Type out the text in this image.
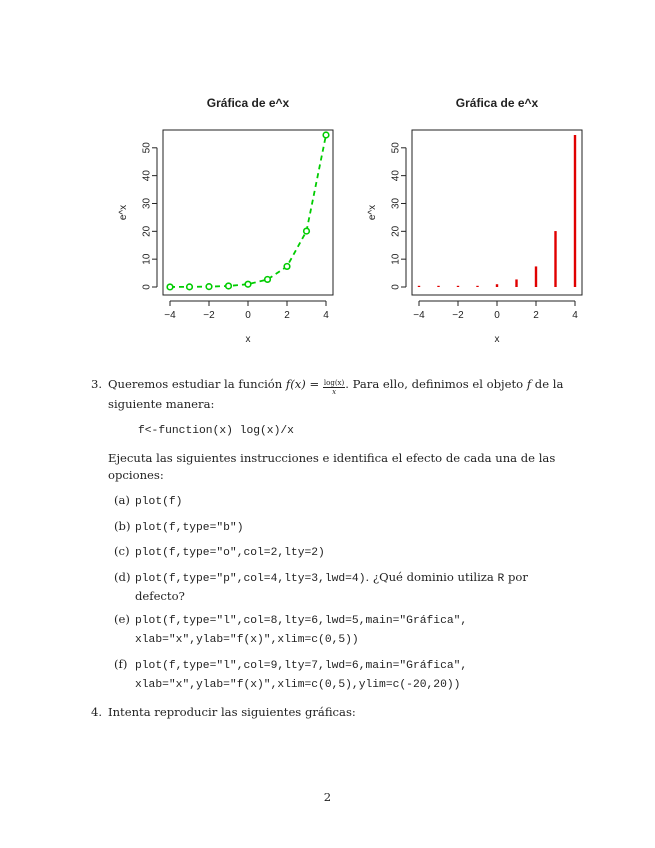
Gráfica de e^x
x
e^x
−4	−2	0	2	4
0
10
20
30
40
50
Gráfica de e^x
x
e^x
−4	−2	0	2	4
0
10
20
30
40
50
3. Queremos estudiar la función $f(x) = \frac{\log(x)}{x}$ . Para ello, definimos el objeto f de la siguiente manera:
f<-function(x) log(x)/x
Ejecuta las siguientes instrucciones e identifica el efecto de cada una de las opciones:
(a) plot(f)
(b) plot(f,type="b")
(c) plot(f,type="o",col=2,lty=2)
(d) plot(f,type="p",col=4,lty=3,lwd=4). ¿Qué dominio utiliza R por defecto?
(e) plot(f,type="l",col=8,lty=6,lwd=5,main="Gráfica",
xlab="x",ylab="f(x)",xlim=c(0,5))
(f) plot(f,type="l",col=9,lty=7,lwd=6,main="Gráfica",
xlab="x",ylab="f(x)",xlim=c(0,5),ylim=c(-20,20))
4. Intenta reproducir las siguientes gráficas:
2
